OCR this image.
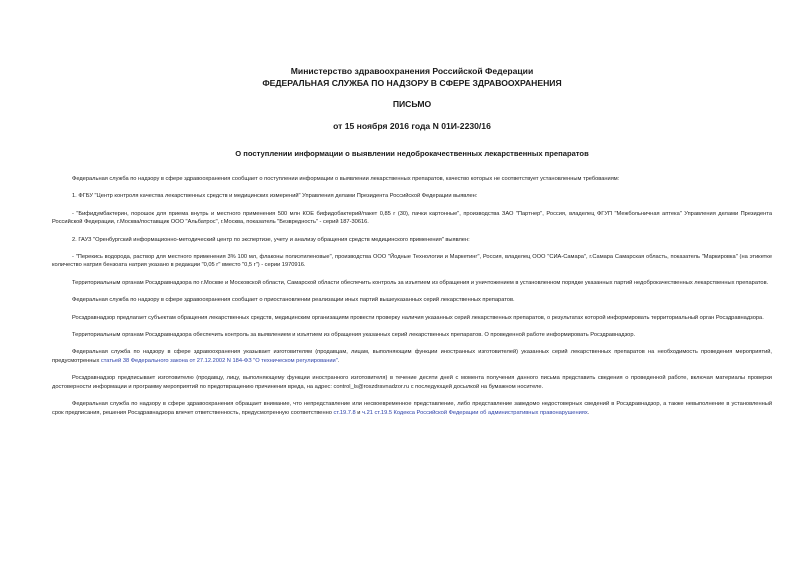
Министерство здравоохранения Российской Федерации
ФЕДЕРАЛЬНАЯ СЛУЖБА ПО НАДЗОРУ В СФЕРЕ ЗДРАВООХРАНЕНИЯ
ПИСЬМО
от 15 ноября 2016 года N 01И-2230/16
О поступлении информации о выявлении недоброкачественных лекарственных препаратов

Федеральная служба по надзору в сфере здравоохранения сообщает о поступлении информации о выявлении лекарственных препаратов, качество которых не соответствует установленным требованиям:

1. ФГБУ "Центр контроля качества лекарственных средств и медицинских измерений" Управления делами Президента Российской Федерации выявлен:

- "Бифидумбактерин, порошок для приема внутрь и местного применения 500 млн КОЕ бифидобактерий/пакет 0,85 г (30), пачки картонные", производства ЗАО "Партнер", Россия, владелец ФГУП "Межбольничная аптека" Управления делами Президента Российской Федерации, г.Москва/поставщик ООО "Альбатрос", г.Москва, показатель "Безвредность" - серий 187-30616.

2. ГАУЗ "Оренбургский информационно-методический центр по экспертизе, учету и анализу обращения средств медицинского применения" выявлен:

- "Перекись водорода, раствор для местного применения 3% 100 мл, флаконы полиэтиленовые", производства ООО "Йодные Технологии и Маркетинг", Россия, владелец ООО "СИА-Самара", г.Самара Самарская область, показатель "Маркировка" (на этикетке количество натрия бензоата натрия указано в редакции "0,05 г" вместо "0,5 г") - серии 1970916.

Территориальным органам Росздравнадзора по г.Москве и Московской области, Самарской области обеспечить контроль за изъятием из обращения и уничтожением в установленном порядке указанных партий недоброкачественных лекарственных препаратов.

Федеральная служба по надзору в сфере здравоохранения сообщает о приостановлении реализации иных партий вышеуказанных серий лекарственных препаратов.

Росздравнадзор предлагает субъектам обращения лекарственных средств, медицинским организациям провести проверку наличия указанных серий лекарственных препаратов, о результатах которой информировать территориальный орган Росздравнадзора.

Территориальным органам Росздравнадзора обеспечить контроль за выявлением и изъятием из обращения указанных серий лекарственных препаратов. О проведенной работе информировать Росздравнадзор.

Федеральная служба по надзору в сфере здравоохранения указывает изготовителям (продавцам, лицам, выполняющим функции иностранных изготовителей) указанных серий лекарственных препаратов на необходимость проведения мероприятий, предусмотренных статьей 38 Федерального закона от 27.12.2002 N 184-ФЗ "О техническом регулировании".

Росздравнадзор предписывает изготовителю (продавцу, лицу, выполняющему функции иностранного изготовителя) в течение десяти дней с момента получения данного письма представить сведения о проведенной работе, включая материалы проверки достоверности информации и программу мероприятий по предотвращению причинения вреда, на адрес: control_ls@roszdravnadzor.ru с последующей досылкой на бумажном носителе.

Федеральная служба по надзору в сфере здравоохранения обращает внимание, что непредставление или несвоевременное представление, либо представление заведомо недостоверных сведений в Росздравнадзор, а также невыполнение в установленный срок предписания, решения Росздравнадзора влечет ответственность, предусмотренную соответственно ст.19.7.8 и ч.21 ст.19.5 Кодекса Российской Федерации об административных правонарушениях.
